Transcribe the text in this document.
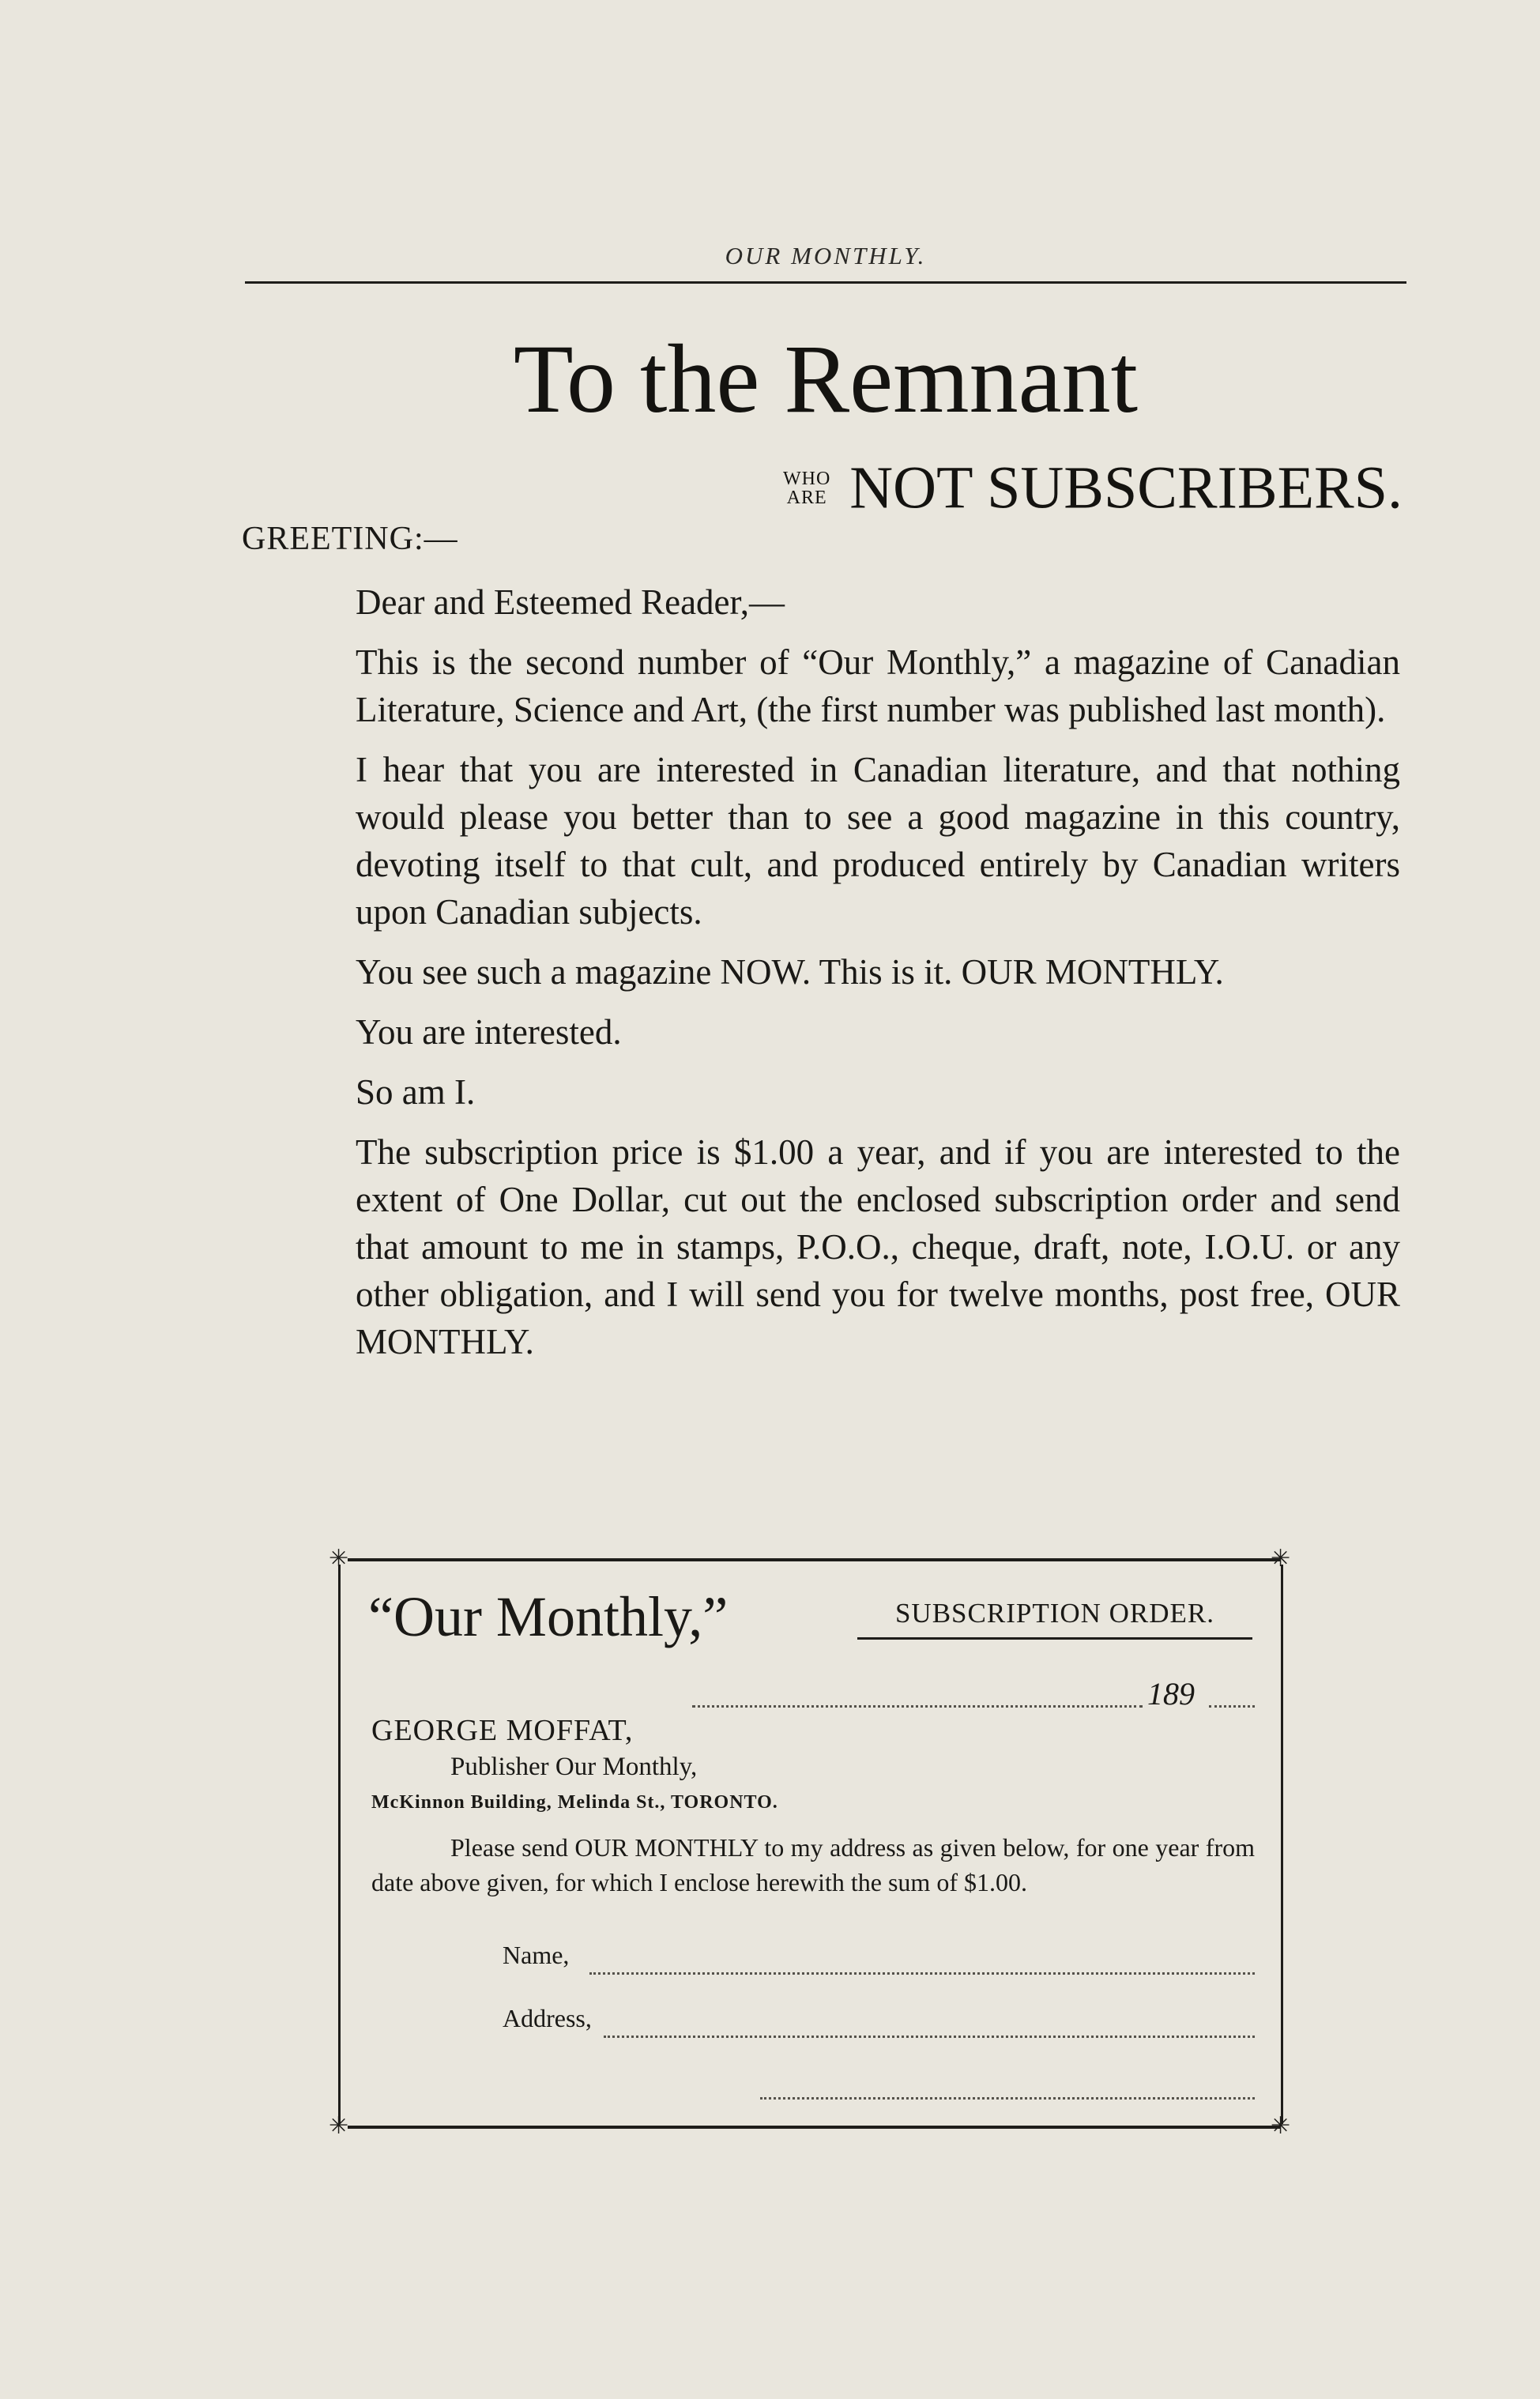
OUR MONTHLY.
To the Remnant
WHO
ARE NOT SUBSCRIBERS.
GREETING:—

Dear and Esteemed Reader,—

This is the second number of “Our Monthly,” a magazine of Canadian Literature, Science and Art, (the first number was published last month).

I hear that you are interested in Canadian literature, and that nothing would please you better than to see a good magazine in this country, devoting itself to that cult, and produced entirely by Canadian writers upon Canadian subjects.

You see such a magazine NOW. This is it. OUR MONTHLY.

You are interested.

So am I.

The subscription price is $1.00 a year, and if you are interested to the extent of One Dollar, cut out the enclosed subscription order and send that amount to me in stamps, P.O.O., cheque, draft, note, I.O.U. or any other obligation, and I will send you for twelve months, post free, OUR MONTHLY.

✳	✳
✳	✳
“Our Monthly,”	SUBSCRIPTION ORDER.
189
GEORGE MOFFAT,
Publisher Our Monthly,
McKinnon Building, Melinda St., TORONTO.
Please send OUR MONTHLY to my address as given below, for one year from date above given, for which I enclose herewith the sum of $1.00.
Name,
Address,
